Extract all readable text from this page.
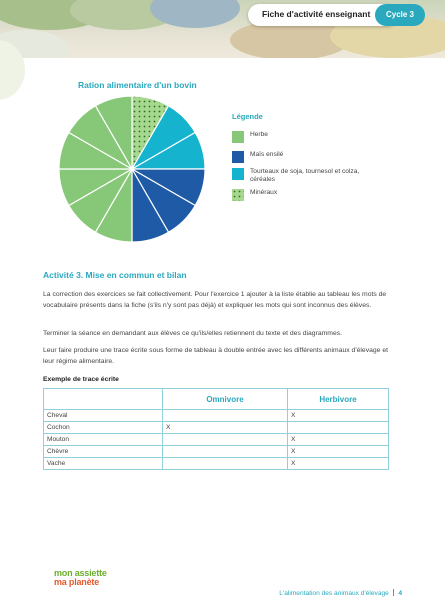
Fiche d'activité enseignant	Cycle 3
Ration alimentaire d'un bovin
Légende
Herbe
Maïs ensilé
Tourteaux de soja, tournesol et colza, céréales
Minéraux
Activité 3. Mise en commun et bilan

La correction des exercices se fait collectivement. Pour l'exercice 1 ajouter à la liste établie au tableau les mots de vocabulaire présents dans la fiche (s'ils n'y sont pas déjà) et expliquer les mots qui sont inconnus des élèves.

Terminer la séance en demandant aux élèves ce qu'ils/elles retiennent du texte et des diagrammes.

Leur faire produire une trace écrite sous forme de tableau à double entrée avec les différents animaux d'élevage et leur régime alimentaire.

Exemple de trace écrite
	Omnivore	Herbivore
Cheval		X
Cochon	X	
Mouton		X
Chèvre		X
Vache		X
mon assiette
ma planète
L'alimentation des animaux d'élevage 4
